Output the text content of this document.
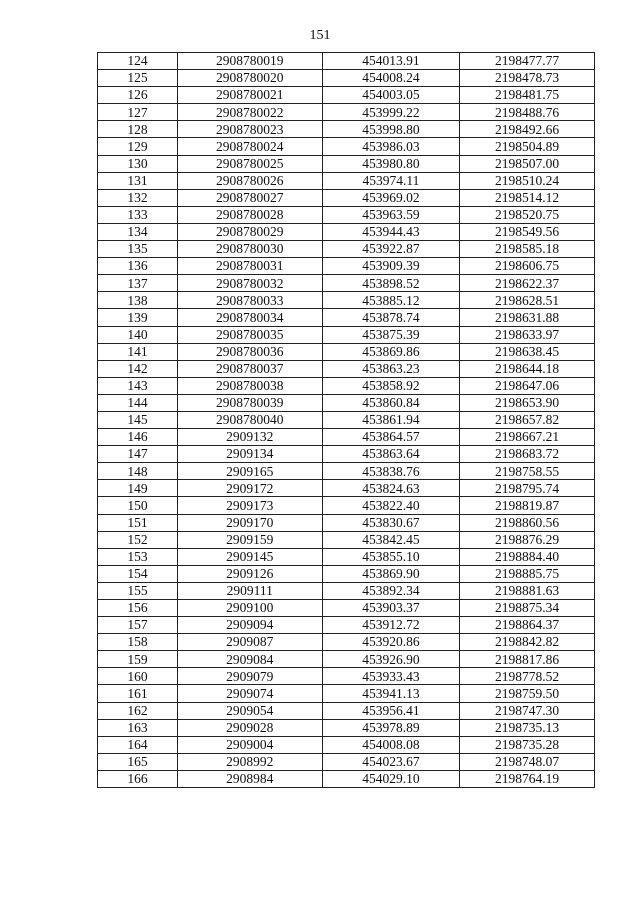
151
124	2908780019	454013.91	2198477.77
125	2908780020	454008.24	2198478.73
126	2908780021	454003.05	2198481.75
127	2908780022	453999.22	2198488.76
128	2908780023	453998.80	2198492.66
129	2908780024	453986.03	2198504.89
130	2908780025	453980.80	2198507.00
131	2908780026	453974.11	2198510.24
132	2908780027	453969.02	2198514.12
133	2908780028	453963.59	2198520.75
134	2908780029	453944.43	2198549.56
135	2908780030	453922.87	2198585.18
136	2908780031	453909.39	2198606.75
137	2908780032	453898.52	2198622.37
138	2908780033	453885.12	2198628.51
139	2908780034	453878.74	2198631.88
140	2908780035	453875.39	2198633.97
141	2908780036	453869.86	2198638.45
142	2908780037	453863.23	2198644.18
143	2908780038	453858.92	2198647.06
144	2908780039	453860.84	2198653.90
145	2908780040	453861.94	2198657.82
146	2909132	453864.57	2198667.21
147	2909134	453863.64	2198683.72
148	2909165	453838.76	2198758.55
149	2909172	453824.63	2198795.74
150	2909173	453822.40	2198819.87
151	2909170	453830.67	2198860.56
152	2909159	453842.45	2198876.29
153	2909145	453855.10	2198884.40
154	2909126	453869.90	2198885.75
155	2909111	453892.34	2198881.63
156	2909100	453903.37	2198875.34
157	2909094	453912.72	2198864.37
158	2909087	453920.86	2198842.82
159	2909084	453926.90	2198817.86
160	2909079	453933.43	2198778.52
161	2909074	453941.13	2198759.50
162	2909054	453956.41	2198747.30
163	2909028	453978.89	2198735.13
164	2909004	454008.08	2198735.28
165	2908992	454023.67	2198748.07
166	2908984	454029.10	2198764.19
